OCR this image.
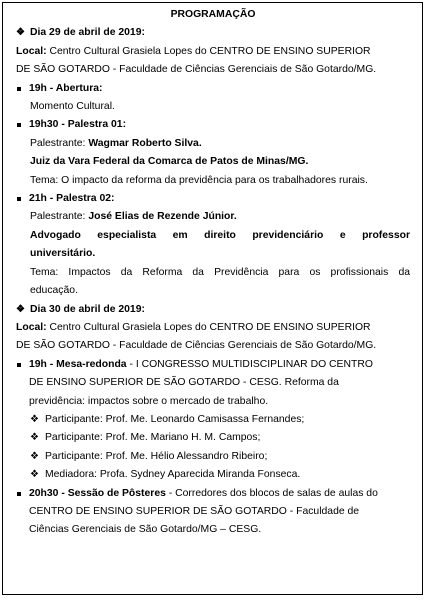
PROGRAMAÇÃO
❖ Dia 29 de abril de 2019:
Local: Centro Cultural Grasiela Lopes do CENTRO DE ENSINO SUPERIOR
DE SÃO GOTARDO - Faculdade de Ciências Gerenciais de São Gotardo/MG.
19h - Abertura:
Momento Cultural.
19h30 - Palestra 01:
Palestrante: Wagmar Roberto Silva.
Juiz da Vara Federal da Comarca de Patos de Minas/MG.
Tema: O impacto da reforma da previdência para os trabalhadores rurais.
21h - Palestra 02:
Palestrante: José Elias de Rezende Júnior.
Advogado especialista em direito previdenciário e professor
universitário.
Tema: Impactos da Reforma da Previdência para os profissionais da
educação.
❖ Dia 30 de abril de 2019:
Local: Centro Cultural Grasiela Lopes do CENTRO DE ENSINO SUPERIOR
DE SÃO GOTARDO - Faculdade de Ciências Gerenciais de São Gotardo/MG.
19h - Mesa-redonda - I CONGRESSO MULTIDISCIPLINAR DO CENTRO
DE ENSINO SUPERIOR DE SÃO GOTARDO - CESG. Reforma da
previdência: impactos sobre o mercado de trabalho.
❖ Participante: Prof. Me. Leonardo Camisassa Fernandes;
❖ Participante: Prof. Me. Mariano H. M. Campos;
❖ Participante: Prof. Me. Hélio Alessandro Ribeiro;
❖ Mediadora: Profa. Sydney Aparecida Miranda Fonseca.
20h30 - Sessão de Pôsteres - Corredores dos blocos de salas de aulas do
CENTRO DE ENSINO SUPERIOR DE SÃO GOTARDO - Faculdade de
Ciências Gerenciais de São Gotardo/MG – CESG.
